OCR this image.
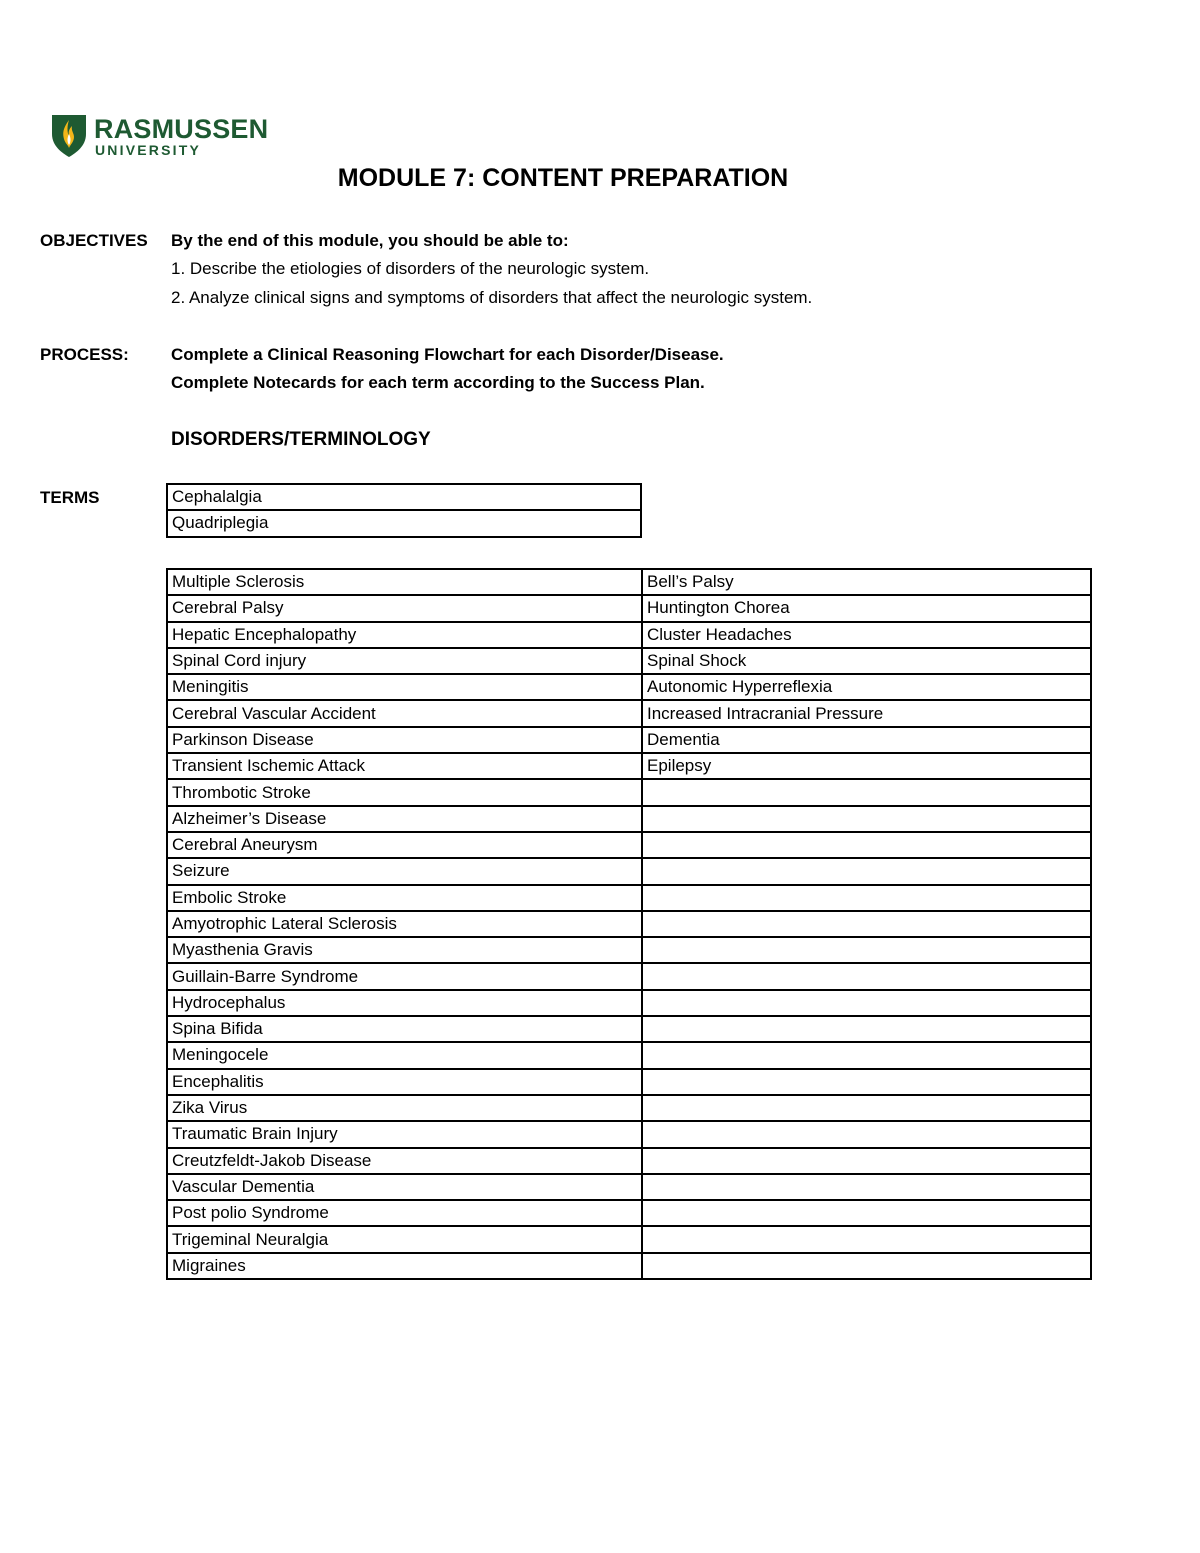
RASMUSSEN
UNIVERSITY
MODULE 7: CONTENT PREPARATION
OBJECTIVES By the end of this module, you should be able to:
1. Describe the etiologies of disorders of the neurologic system.
2. Analyze clinical signs and symptoms of disorders that affect the neurologic system.
PROCESS: Complete a Clinical Reasoning Flowchart for each Disorder/Disease.
Complete Notecards for each term according to the Success Plan.
DISORDERS/TERMINOLOGY
TERMS	Cephalalgia
Quadriplegia
Multiple Sclerosis	Bell’s Palsy
Cerebral Palsy	Huntington Chorea
Hepatic Encephalopathy	Cluster Headaches
Spinal Cord injury	Spinal Shock
Meningitis	Autonomic Hyperreflexia
Cerebral Vascular Accident	Increased Intracranial Pressure
Parkinson Disease	Dementia
Transient Ischemic Attack	Epilepsy
Thrombotic Stroke	
Alzheimer’s Disease	
Cerebral Aneurysm	
Seizure	
Embolic Stroke	
Amyotrophic Lateral Sclerosis	
Myasthenia Gravis	
Guillain-Barre Syndrome	
Hydrocephalus	
Spina Bifida	
Meningocele	
Encephalitis	
Zika Virus	
Traumatic Brain Injury	
Creutzfeldt-Jakob Disease	
Vascular Dementia	
Post polio Syndrome	
Trigeminal Neuralgia	
Migraines	
